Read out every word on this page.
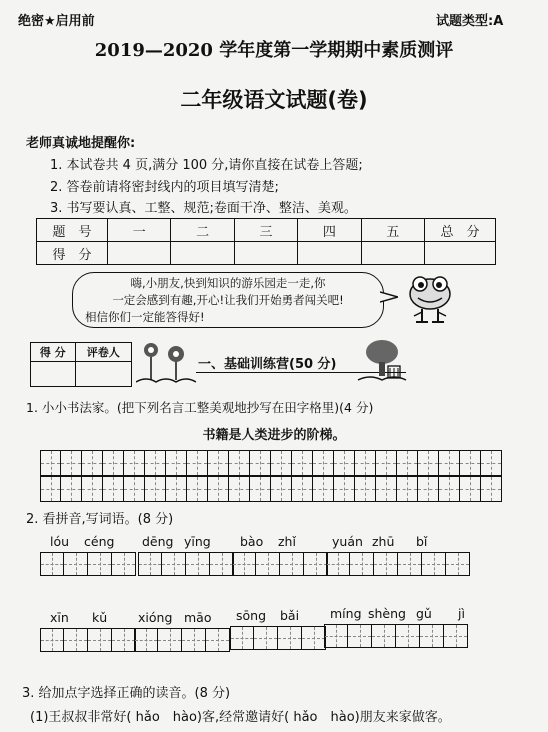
绝密★启用前	试题类型:A
2019—2020 学年度第一学期期中素质测评
二年级语文试题(卷)
老师真诚地提醒你:
1. 本试卷共 4 页,满分 100 分,请你直接在试卷上答题;
2. 答卷前请将密封线内的项目填写清楚;
3. 书写要认真、工整、规范;卷面干净、整洁、美观。
题　号	一	二	三	四	五	总　分
得　分						
嗨,小朋友,快到知识的游乐园走一走,你
一定会感到有趣,开心!让我们开始勇者闯关吧!
相信你们一定能答得好!
得 分	评卷人

一、基础训练营(50 分)
1. 小小书法家。(把下列名言工整美观地抄写在田字格里)(4 分)
书籍是人类进步的阶梯。
2. 看拼音,写词语。(8 分)
lóu céng dēng yīng bào zhǐ	yuán zhū bǐ
xīn kǔ xióng māo sōng bǎi míng shèng gǔ jì
3. 给加点字选择正确的读音。(8 分)
(1)王叔叔非常好( hǎo　hào)客,经常邀请好( hǎo　hào)朋友来家做客。
